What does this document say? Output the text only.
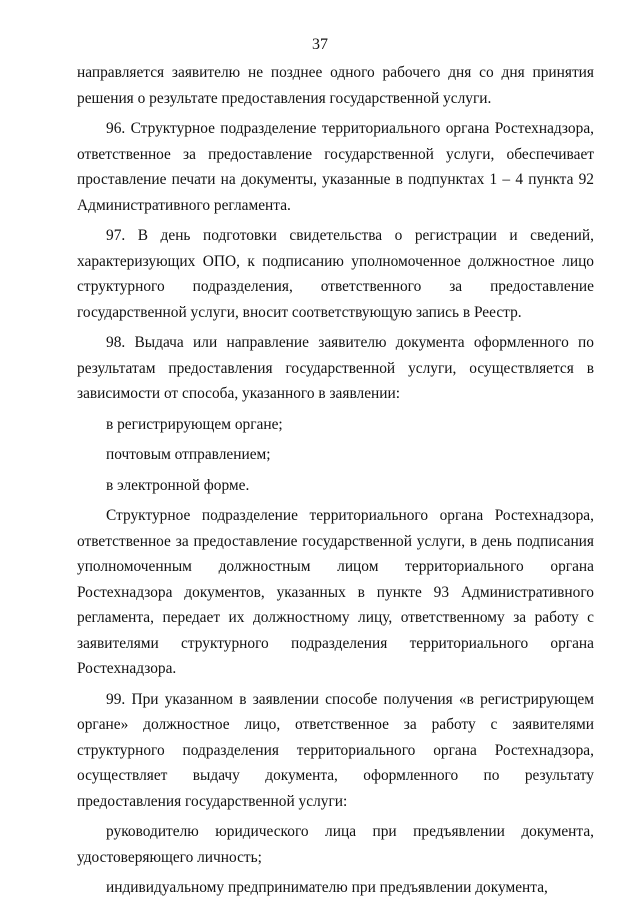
37

направляется заявителю не позднее одного рабочего дня со дня принятия решения о результате предоставления государственной услуги.

96. Структурное подразделение территориального органа Ростехнадзора, ответственное за предоставление государственной услуги, обеспечивает проставление печати на документы, указанные в подпунктах 1 – 4 пункта 92 Административного регламента.

97. В день подготовки свидетельства о регистрации и сведений, характеризующих ОПО, к подписанию уполномоченное должностное лицо структурного подразделения, ответственного за предоставление государственной услуги, вносит соответствующую запись в Реестр.

98. Выдача или направление заявителю документа оформленного по результатам предоставления государственной услуги, осуществляется в зависимости от способа, указанного в заявлении:

в регистрирующем органе;

почтовым отправлением;

в электронной форме.

Структурное подразделение территориального органа Ростехнадзора, ответственное за предоставление государственной услуги, в день подписания уполномоченным должностным лицом территориального органа Ростехнадзора документов, указанных в пункте 93 Административного регламента, передает их должностному лицу, ответственному за работу с заявителями структурного подразделения территориального органа Ростехнадзора.

99. При указанном в заявлении способе получения «в регистрирующем органе» должностное лицо, ответственное за работу с заявителями структурного подразделения территориального органа Ростехнадзора, осуществляет выдачу документа, оформленного по результату предоставления государственной услуги:

руководителю юридического лица при предъявлении документа, удостоверяющего личность;

индивидуальному предпринимателю при предъявлении документа,
